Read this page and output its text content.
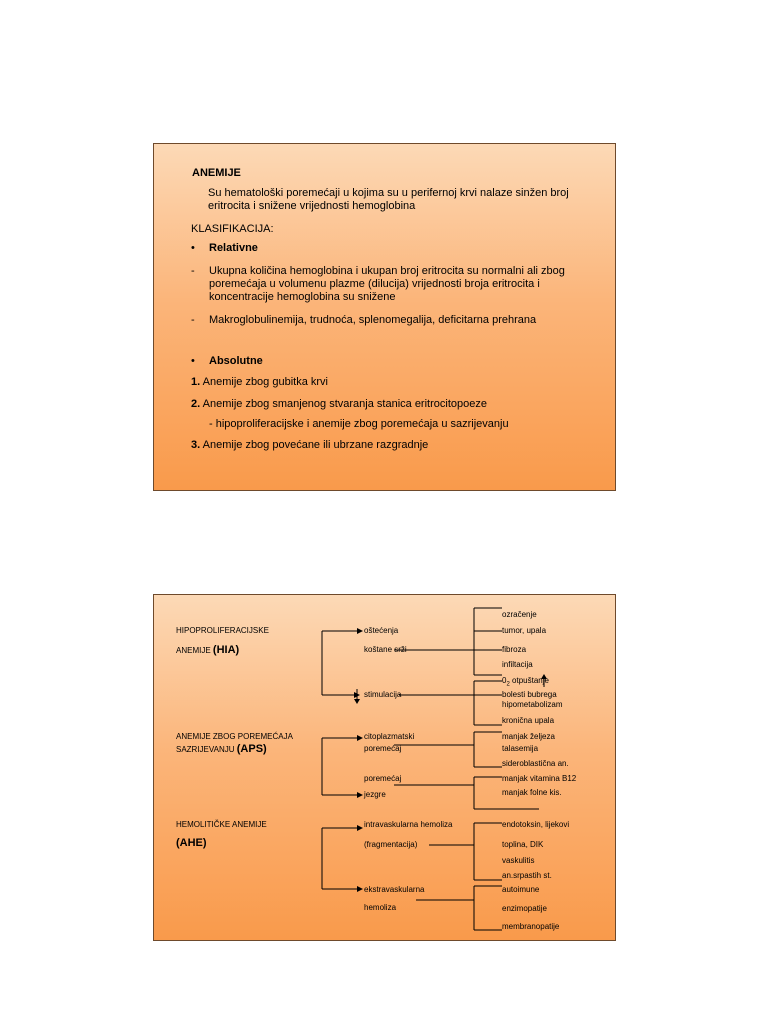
ANEMIJE
Su hematološki poremećaji u kojima su u perifernoj krvi nalaze sinžen broj eritrocita i snižene vrijednosti hemoglobina
KLASIFIKACIJA:
• Relativne
- Ukupna količina hemoglobina i ukupan broj eritrocita su normalni ali zbog poremećaja u volumenu plazme (dilucija) vrijednosti broja eritrocita i koncentracije hemoglobina su snižene
- Makroglobulinemija, trudnoća, splenomegalija, deficitarna prehrana
• Absolutne
1. Anemije zbog gubitka krvi
2. Anemije zbog smanjenog stvaranja stanica eritrocitopoeze
- hipoproliferacijske i anemije zbog poremećaja u sazrijevanju
3. Anemije zbog povećane ili ubrzane razgradnje
HIPOPROLIFERACIJSKE
ANEMIJE (HIA)
ANEMIJE ZBOG POREMEĆAJA
SAZRIJEVANJU (APS)
HEMOLITIČKE ANEMIJE
(AHE)
oštećenja
koštane srži
stimulacija
citoplazmatski
poremećaj
poremećaj
jezgre
intravaskularna hemoliza
(fragmentacija)
ekstravaskularna
hemoliza
ozračenje
tumor, upala
fibroza
infiltacija
$0_2$ otpuštanje
bolesti bubrega
hipometabolizam
kronična upala
manjak željeza
talasemija
sideroblastična an.
manjak vitamina B12
manjak folne kis.
endotoksin, lijekovi
toplina, DIK
vaskulitis
an.srpastih st.
autoimune
enzimopatije
membranopatije
